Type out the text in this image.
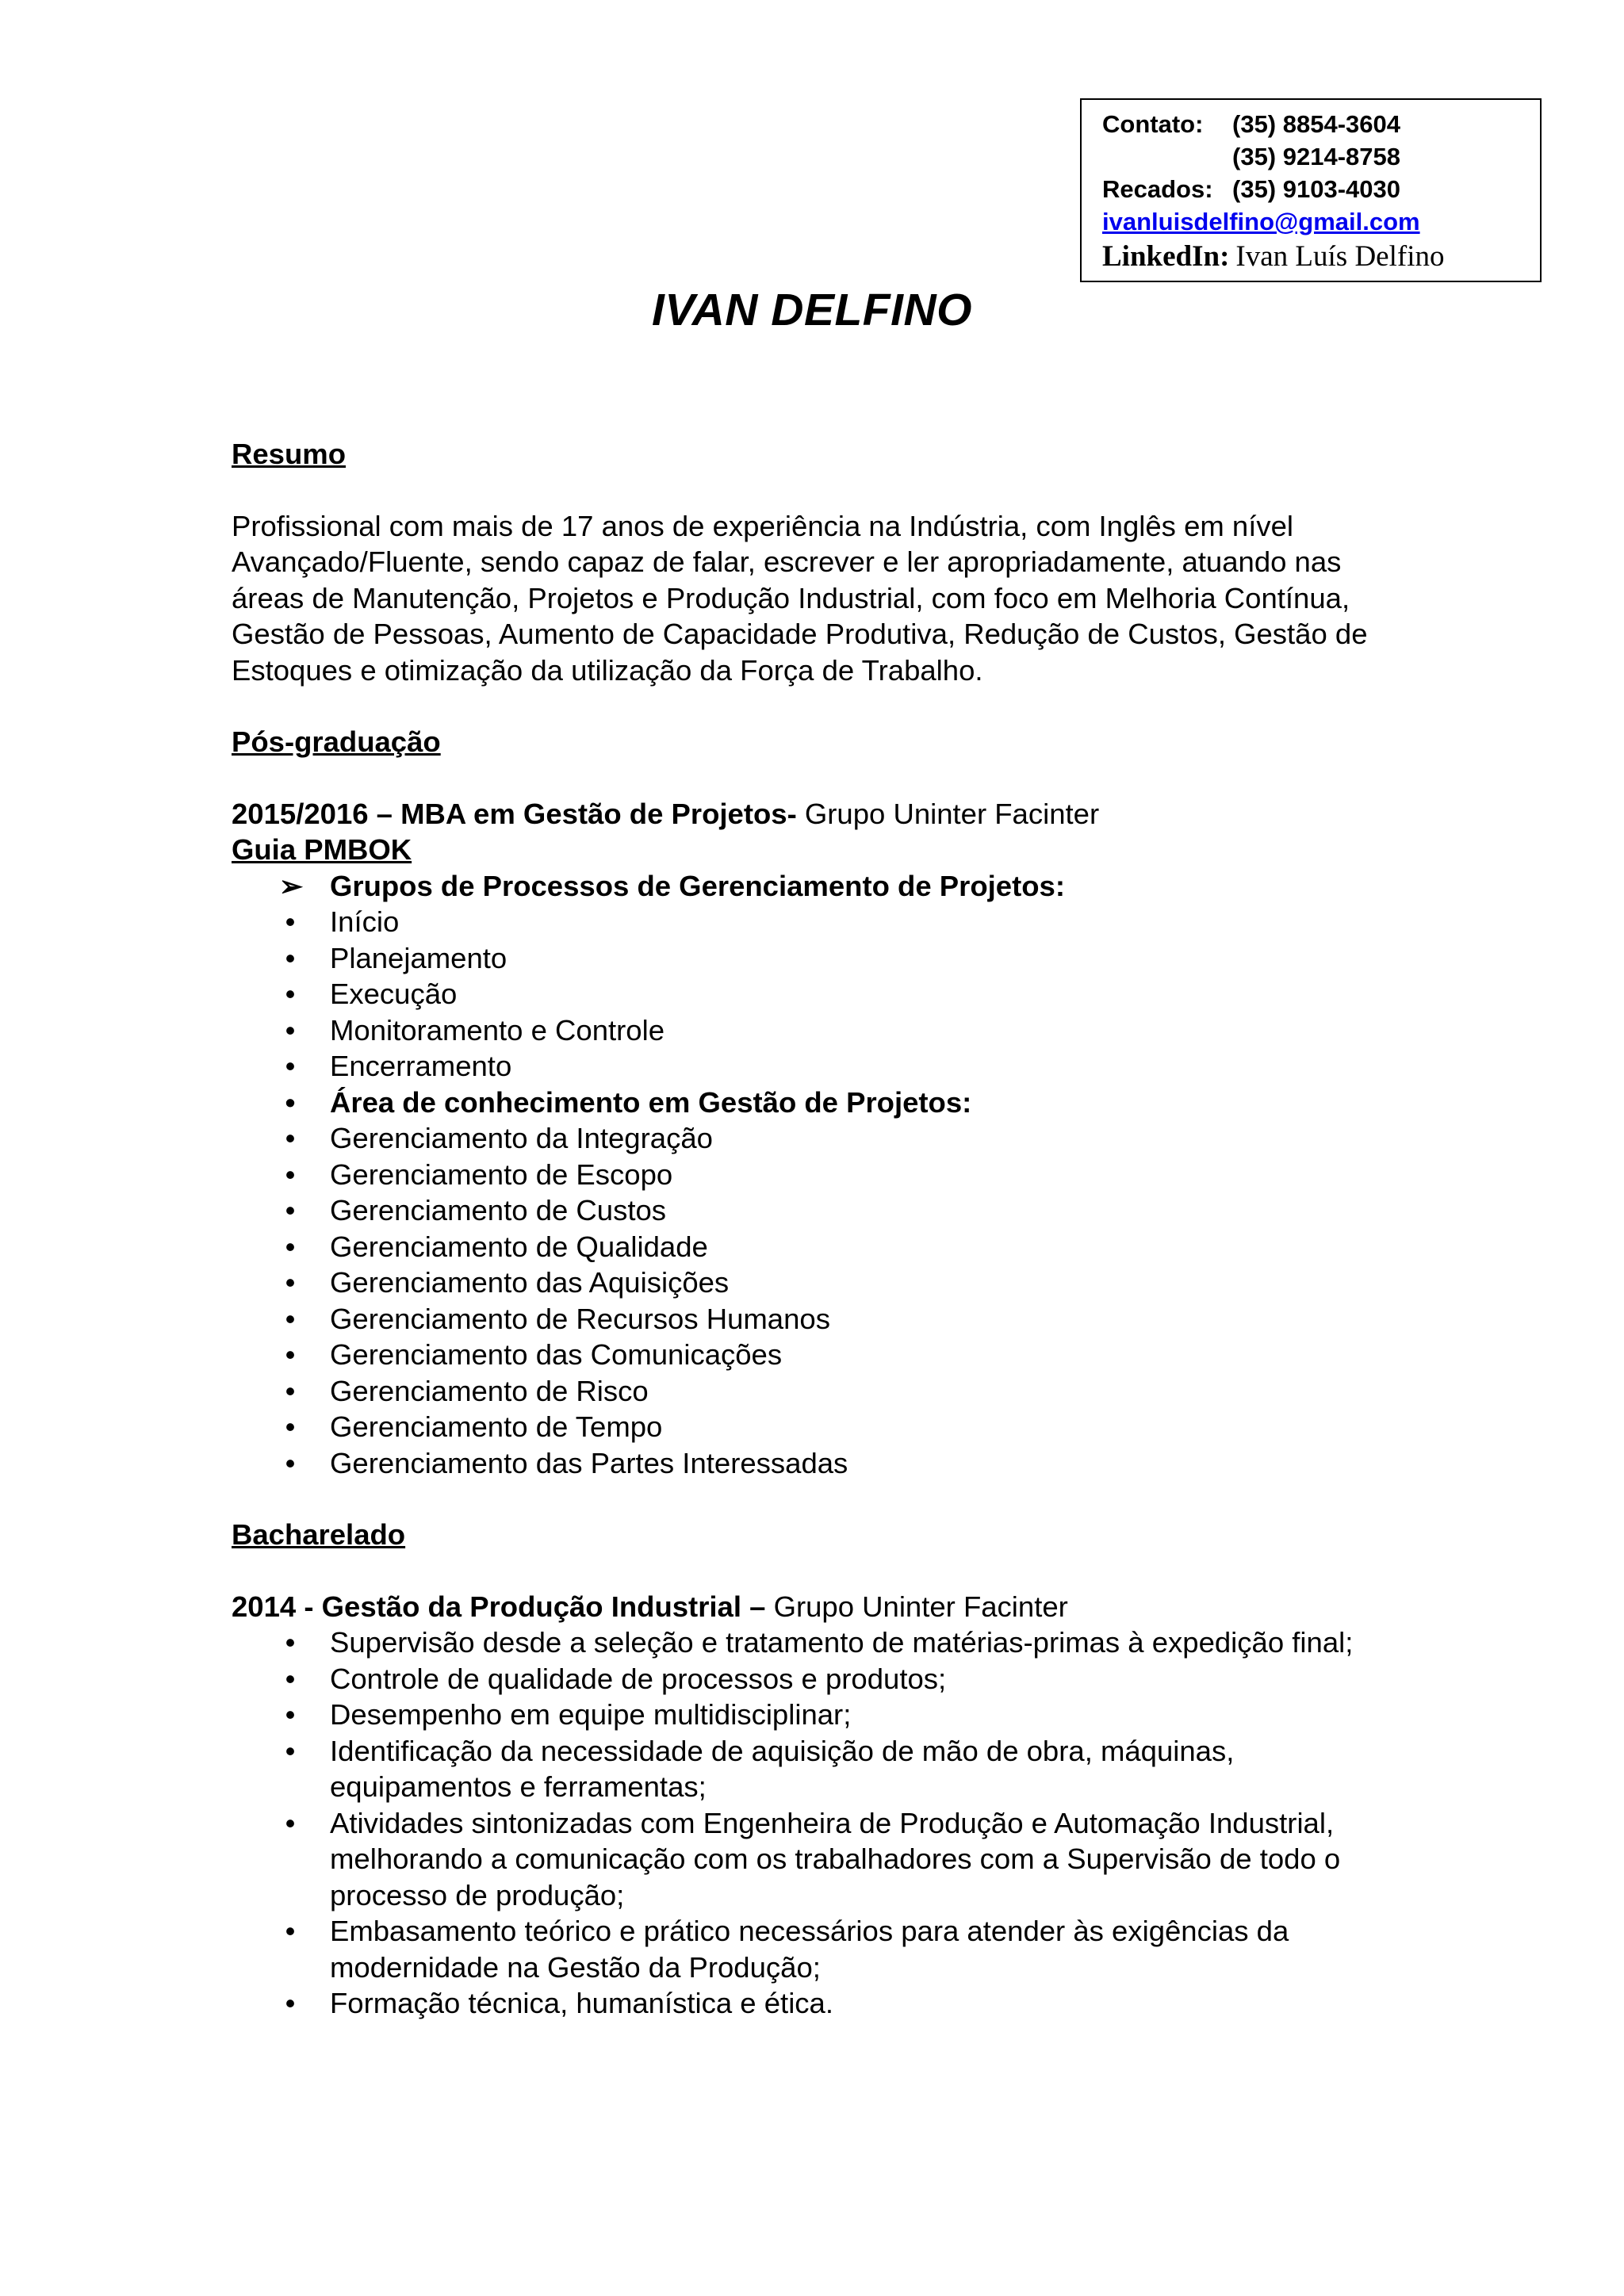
Contato:	(35) 8854-3604
(35) 9214-8758
Recados: (35) 9103-4030
ivanluisdelfino@gmail.com
LinkedIn: Ivan Luís Delfino
IVAN DELFINO
Resumo

Profissional com mais de 17 anos de experiência na Indústria, com Inglês em nível Avançado/Fluente, sendo capaz de falar, escrever e ler apropriadamente, atuando nas áreas de Manutenção, Projetos e Produção Industrial, com foco em Melhoria Contínua, Gestão de Pessoas, Aumento de Capacidade Produtiva, Redução de Custos, Gestão de Estoques e otimização da utilização da Força de Trabalho.

Pós-graduação
2015/2016 – MBA em Gestão de Projetos- Grupo Uninter Facinter
Guia PMBOK
➢ Grupos de Processos de Gerenciamento de Projetos:
• Início
• Planejamento
• Execução
• Monitoramento e Controle
• Encerramento
• Área de conhecimento em Gestão de Projetos:
• Gerenciamento da Integração
• Gerenciamento de Escopo
• Gerenciamento de Custos
• Gerenciamento de Qualidade
• Gerenciamento das Aquisições
• Gerenciamento de Recursos Humanos
• Gerenciamento das Comunicações
• Gerenciamento de Risco
• Gerenciamento de Tempo
• Gerenciamento das Partes Interessadas
Bacharelado
2014 - Gestão da Produção Industrial – Grupo Uninter Facinter
• Supervisão desde a seleção e tratamento de matérias-primas à expedição final;
• Controle de qualidade de processos e produtos;
• Desempenho em equipe multidisciplinar;
• Identificação da necessidade de aquisição de mão de obra, máquinas, equipamentos e ferramentas;
• Atividades sintonizadas com Engenheira de Produção e Automação Industrial, melhorando a comunicação com os trabalhadores com a Supervisão de todo o processo de produção;
• Embasamento teórico e prático necessários para atender às exigências da modernidade na Gestão da Produção;
• Formação técnica, humanística e ética.
